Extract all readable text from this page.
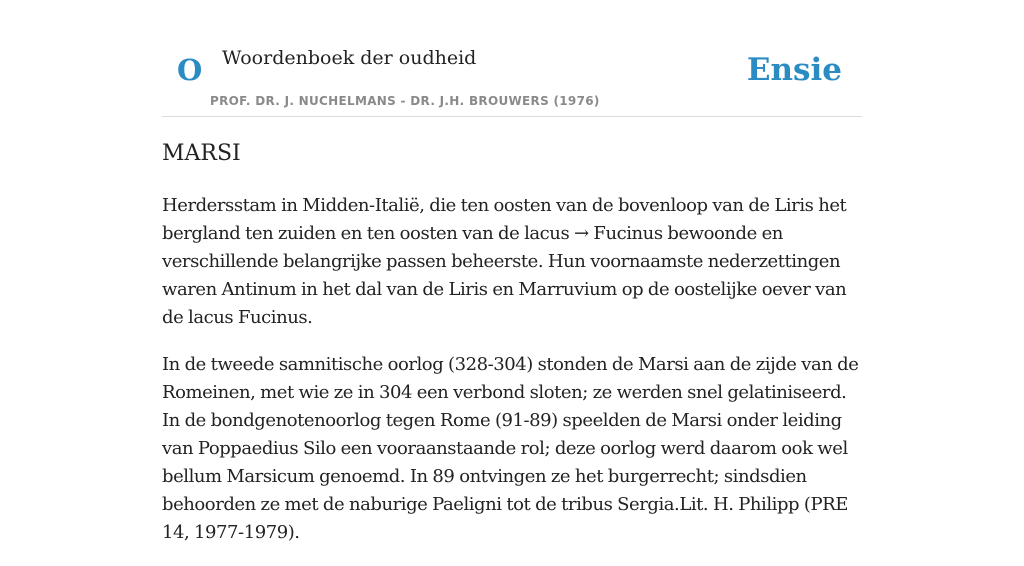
O Woordenboek der oudheid
PROF. DR. J. NUCHELMANS - DR. J.H. BROUWERS (1976)
Ensie
MARSI

Herdersstam in Midden-Italië, die ten oosten van de bovenloop van de Liris het bergland ten zuiden en ten oosten van de lacus → Fucinus bewoonde en verschillende belangrijke passen beheerste. Hun voornaamste nederzettingen waren Antinum in het dal van de Liris en Marruvium op de oostelijke oever van de lacus Fucinus.

In de tweede samnitische oorlog (328-304) stonden de Marsi aan de zijde van de Romeinen, met wie ze in 304 een verbond sloten; ze werden snel gelatiniseerd. In de bondgenotenoorlog tegen Rome (91-89) speelden de Marsi onder leiding van Poppaedius Silo een vooraanstaande rol; deze oorlog werd daarom ook wel bellum Marsicum genoemd. In 89 ontvingen ze het burgerrecht; sindsdien behoorden ze met de naburige Paeligni tot de tribus Sergia.Lit. H. Philipp (PRE 14, 1977-1979).
